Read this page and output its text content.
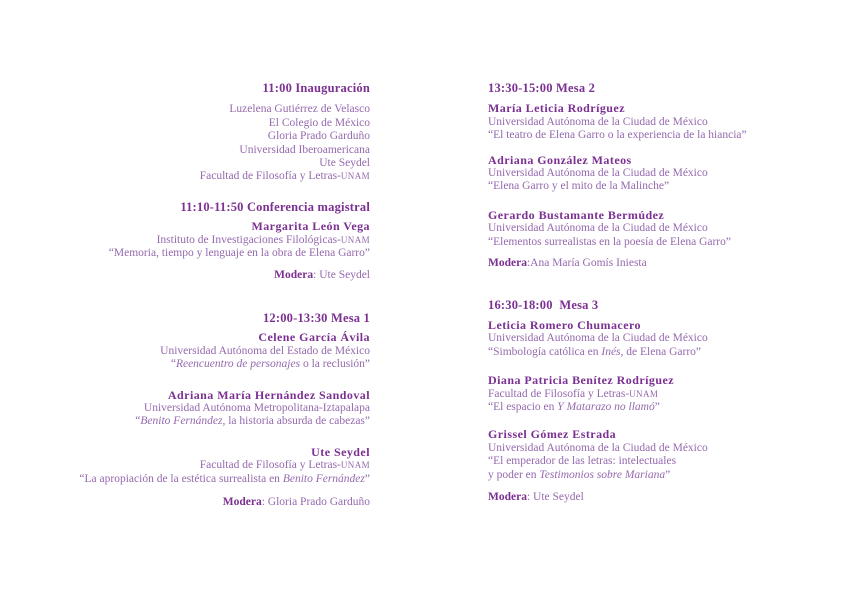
11:00 Inauguración
Luzelena Gutiérrez de Velasco
El Colegio de México
Gloria Prado Garduño
Universidad Iberoamericana
Ute Seydel
Facultad de Filosofía y Letras-UNAM
11:10-11:50 Conferencia magistral
Margarita León Vega
Instituto de Investigaciones Filológicas-UNAM
“Memoria, tiempo y lenguaje en la obra de Elena Garro”
Modera: Ute Seydel
12:00-13:30 Mesa 1
Celene García Ávila
Universidad Autónoma del Estado de México
“Reencuentro de personajes o la reclusión”
Adriana María Hernández Sandoval
Universidad Autónoma Metropolitana-Iztapalapa
“Benito Fernández, la historia absurda de cabezas”
Ute Seydel
Facultad de Filosofía y Letras-UNAM
“La apropiación de la estética surrealista en Benito Fernández”
Modera: Gloria Prado Garduño
13:30-15:00 Mesa 2
María Leticia Rodríguez
Universidad Autónoma de la Ciudad de México
“El teatro de Elena Garro o la experiencia de la hiancia”
Adriana González Mateos
Universidad Autónoma de la Ciudad de México
“Elena Garro y el mito de la Malinche”
Gerardo Bustamante Bermúdez
Universidad Autónoma de la Ciudad de México
“Elementos surrealistas en la poesía de Elena Garro”
Modera:Ana María Gomís Iniesta
16:30-18:00  Mesa 3
Leticia Romero Chumacero
Universidad Autónoma de la Ciudad de México
“Simbología católica en Inés, de Elena Garro”
Diana Patricia Benítez Rodríguez
Facultad de Filosofía y Letras-UNAM
“El espacio en Y Matarazo no llamó”
Grissel Gómez Estrada
Universidad Autónoma de la Ciudad de México
“El emperador de las letras: intelectuales
y poder en Testimonios sobre Mariana”
Modera: Ute Seydel
